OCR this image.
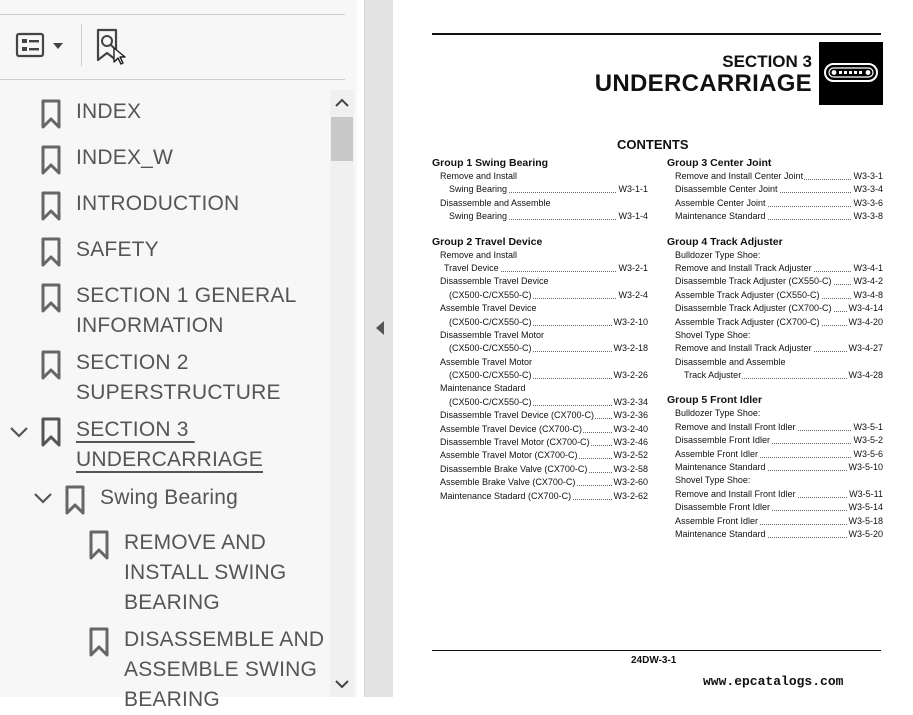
INDEX
INDEX_W
INTRODUCTION
SAFETY
SECTION 1 GENERAL
INFORMATION
SECTION 2
SUPERSTRUCTURE
SECTION 3
UNDERCARRIAGE
Swing Bearing
REMOVE AND
INSTALL SWING
BEARING
DISASSEMBLE AND
ASSEMBLE SWING
BEARING
SECTION 3
UNDERCARRIAGE
CONTENTS
Group 1 Swing Bearing
Remove and Install
Swing Bearing	W3-1-1
Disassemble and Assemble
Swing Bearing	W3-1-4
Group 2 Travel Device
Remove and Install
Travel Device	W3-2-1
Disassemble Travel Device
(CX500-C/CX550-C)	W3-2-4
Assemble Travel Device
(CX500-C/CX550-C)	W3-2-10
Disassemble Travel Motor
(CX500-C/CX550-C)	W3-2-18
Assemble Travel Motor
(CX500-C/CX550-C)	W3-2-26
Maintenance Stadard
(CX500-C/CX550-C)	W3-2-34
Disassemble Travel Device (CX700-C) W3-2-36
Assemble Travel Device (CX700-C)	W3-2-40
Disassemble Travel Motor (CX700-C)	W3-2-46
Assemble Travel Motor (CX700-C)	W3-2-52
Disassemble Brake Valve (CX700-C)	W3-2-58
Assemble Brake Valve (CX700-C)	W3-2-60
Maintenance Stadard (CX700-C)	W3-2-62
Group 3 Center Joint
Remove and Install Center Joint	W3-3-1
Disassemble Center Joint	W3-3-4
Assemble Center Joint	W3-3-6
Maintenance Standard	W3-3-8
Group 4 Track Adjuster
Bulldozer Type Shoe:
Remove and Install Track Adjuster	W3-4-1
Disassemble Track Adjuster (CX550-C) W3-4-2
Assemble Track Adjuster (CX550-C)	W3-4-8
Disassemble Track Adjuster (CX700-C) W3-4-14
Assemble Track Adjuster (CX700-C)	W3-4-20
Shovel Type Shoe:
Remove and Install Track Adjuster	W3-4-27
Disassemble and Assemble
Track Adjuster	W3-4-28
Group 5 Front Idler
Bulldozer Type Shoe:
Remove and Install Front Idler	W3-5-1
Disassemble Front Idler	W3-5-2
Assemble Front Idler	W3-5-6
Maintenance Standard	W3-5-10
Shovel Type Shoe:
Remove and Install Front Idler	W3-5-11
Disassemble Front Idler	W3-5-14
Assemble Front Idler	W3-5-18
Maintenance Standard	W3-5-20
24DW-3-1
www.epcatalogs.com
